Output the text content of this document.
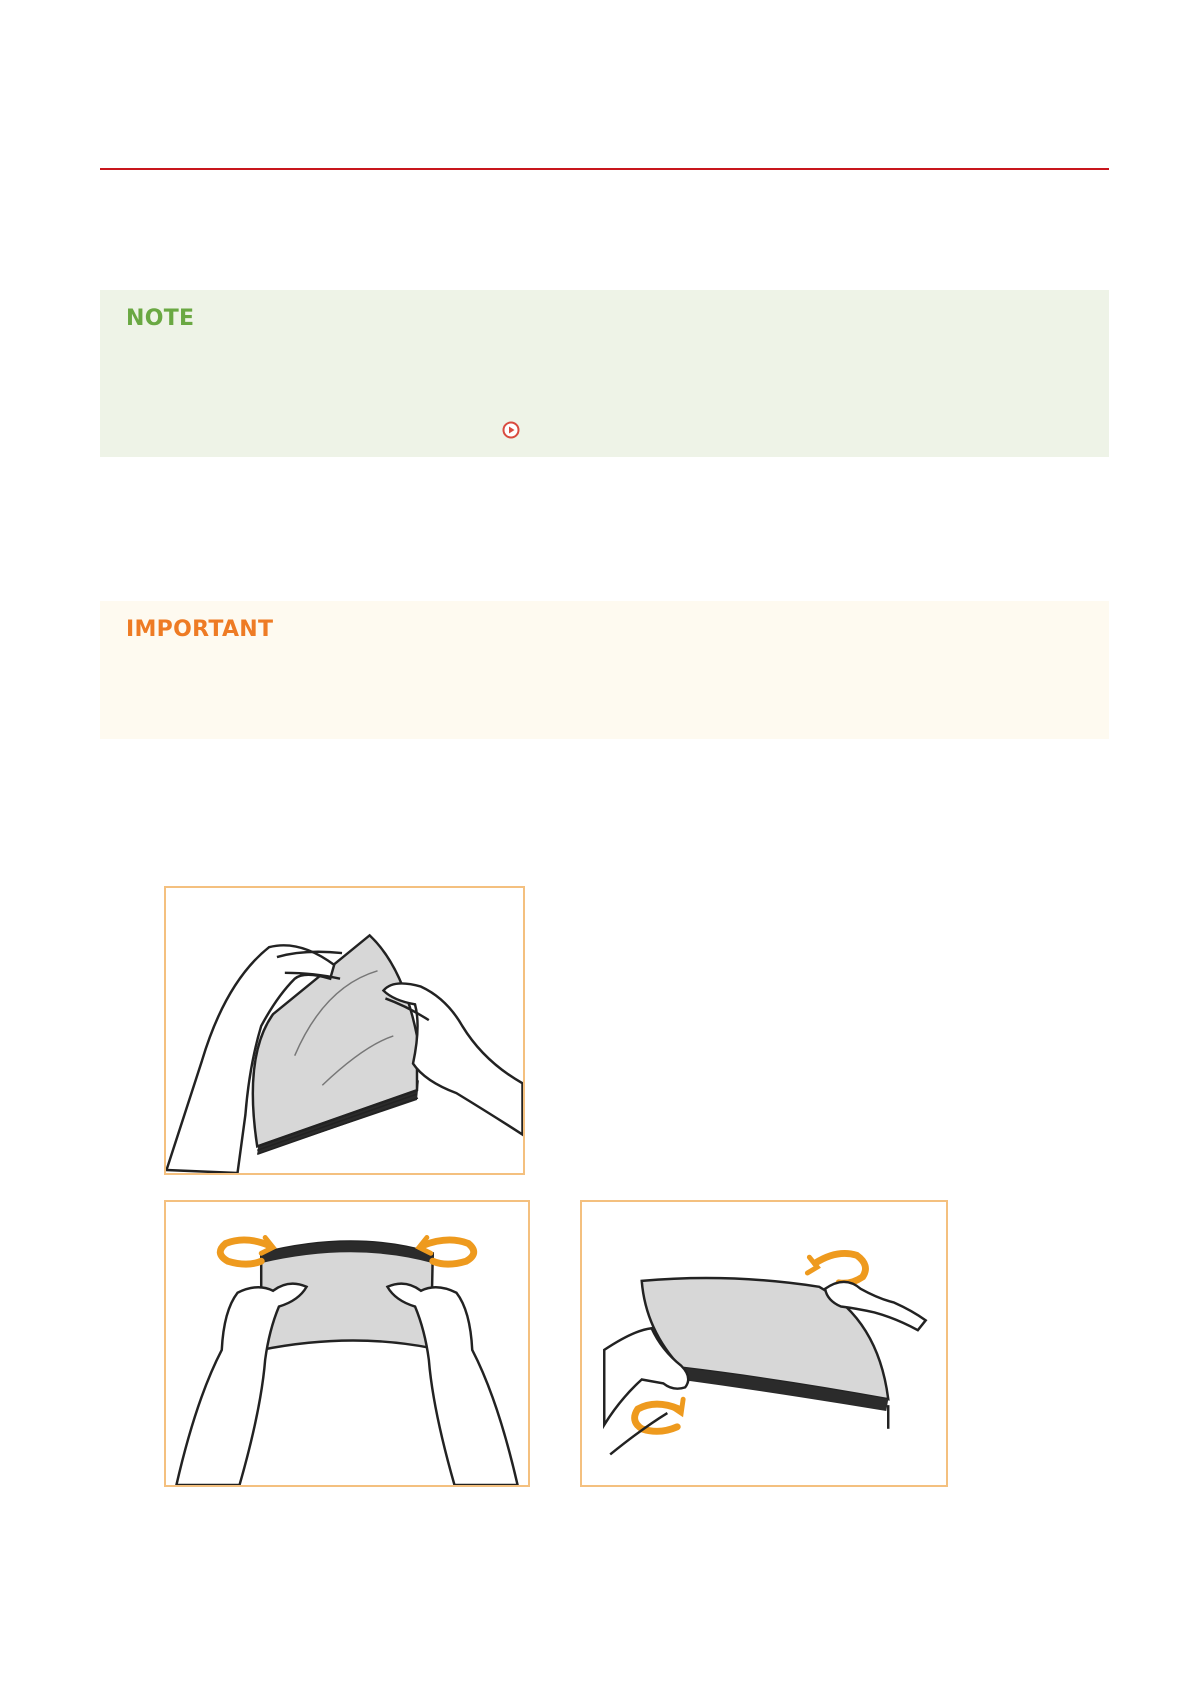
NOTE
IMPORTANT
